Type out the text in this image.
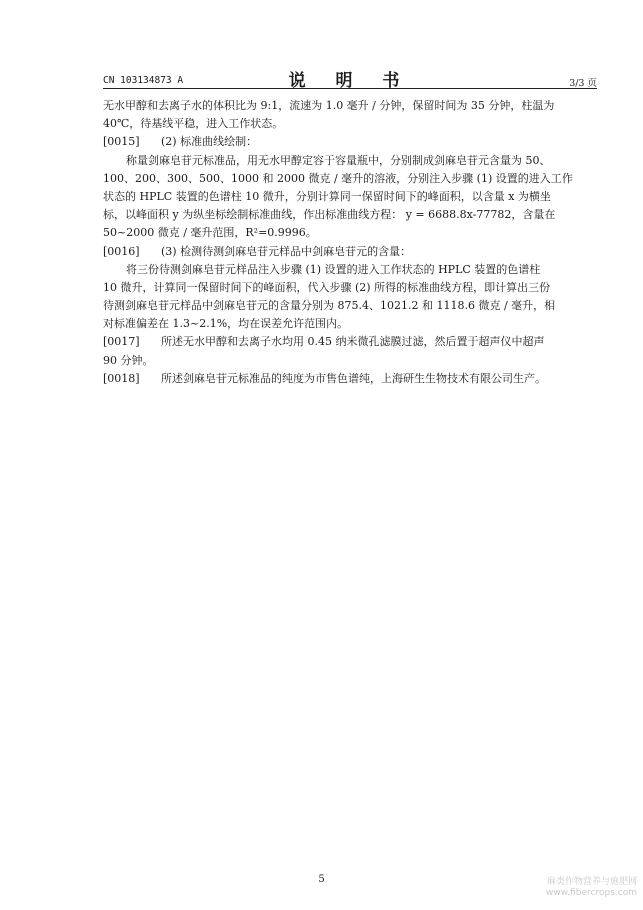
CN 103134873 A	说 明 书	3/3 页
无水甲醇和去离子水的体积比为 9:1，流速为 1.0 毫升 / 分钟，保留时间为 35 分钟，柱温为
40℃，待基线平稳，进入工作状态。
[0015] (2) 标准曲线绘制：
称量剑麻皂苷元标准品，用无水甲醇定容于容量瓶中，分别制成剑麻皂苷元含量为 50、
100、200、300、500、1000 和 2000 微克 / 毫升的溶液，分别注入步骤 (1) 设置的进入工作
状态的 HPLC 装置的色谱柱 10 微升，分别计算同一保留时间下的峰面积，以含量 x 为横坐
标，以峰面积 y 为纵坐标绘制标准曲线，作出标准曲线方程： y = 6688.8x-77782，含量在
50~2000 微克 / 毫升范围，R²=0.9996。
[0016] (3) 检测待测剑麻皂苷元样品中剑麻皂苷元的含量：
将三份待测剑麻皂苷元样品注入步骤 (1) 设置的进入工作状态的 HPLC 装置的色谱柱
10 微升，计算同一保留时间下的峰面积，代入步骤 (2) 所得的标准曲线方程，即计算出三份
待测剑麻皂苷元样品中剑麻皂苷元的含量分别为 875.4、1021.2 和 1118.6 微克 / 毫升，相
对标准偏差在 1.3~2.1%，均在误差允许范围内。
[0017] 所述无水甲醇和去离子水均用 0.45 纳米微孔滤膜过滤，然后置于超声仪中超声
90 分钟。
[0018] 所述剑麻皂苷元标准品的纯度为市售色谱纯，上海研生生物技术有限公司生产。
5	麻类作物营养与施肥网
www.fibercrops.com
